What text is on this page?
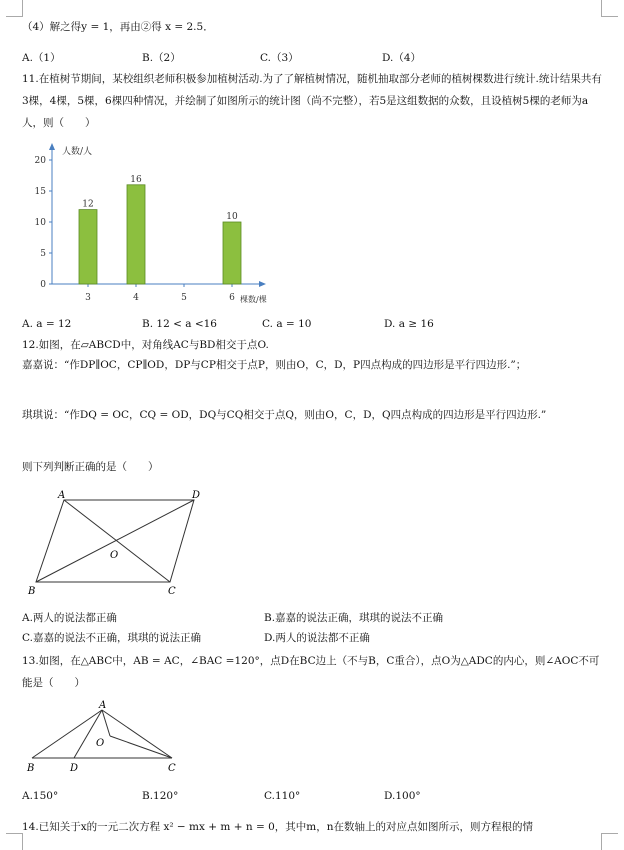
（4）解之得y = 1，再由②得 x = 2.5．
A.（1）	B.（2）	C.（3）	D.（4）
11.在植树节期间，某校组织老师积极参加植树活动.为了了解植树情况，随机抽取部分老师的植树棵数进行统计.统计结果共有3棵，4棵，5棵，6棵四种情况，并绘制了如图所示的统计图（尚不完整），若5是这组数据的众数，且设植树5棵的老师为a人，则（　　）
0
5
10
15
20
12
3
16
4	5
10
6
人数/人
棵数/棵
A. a = 12	B. 12 < a <16	C. a = 10	D. a ≥ 16
12.如图，在▱ABCD中，对角线AC与BD相交于点O.
嘉嘉说：“作DP∥OC，CP∥OD，DP与CP相交于点P，则由O，C，D，P四点构成的四边形是平行四边形.”；
琪琪说：“作DQ = OC，CQ = OD，DQ与CQ相交于点Q，则由O，C，D，Q四点构成的四边形是平行四边形.”
则下列判断正确的是（　　）
A	D
B	C
O
A.两人的说法都正确	B.嘉嘉的说法正确，琪琪的说法不正确
C.嘉嘉的说法不正确，琪琪的说法正确	D.两人的说法都不正确
13.如图，在△ABC中，AB = AC，∠BAC =120°，点D在BC边上（不与B，C重合），点O为△ADC的内心，则∠AOC不可能是（　　）
A
B	D	C
O
A.150°	B.120°	C.110°	D.100°
14.已知关于x的一元二次方程 x² − mx + m + n = 0，其中m，n在数轴上的对应点如图所示，则方程根的情
